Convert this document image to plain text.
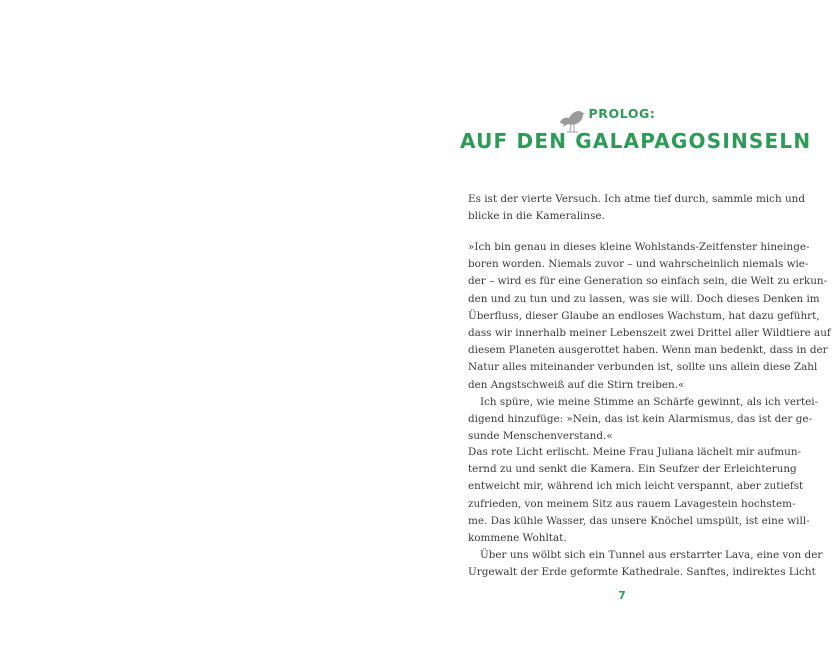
PROLOG:
AUF DEN GALAPAGOSINSELN
Es ist der vierte Versuch. Ich atme tief durch, sammle mich und
blicke in die Kameralinse.
»Ich bin genau in dieses kleine Wohlstands-Zeitfenster hineinge-
boren worden. Niemals zuvor – und wahrscheinlich niemals wie-
der – wird es für eine Generation so einfach sein, die Welt zu erkun-
den und zu tun und zu lassen, was sie will. Doch dieses Denken im
Überfluss, dieser Glaube an endloses Wachstum, hat dazu geführt,
dass wir innerhalb meiner Lebenszeit zwei Drittel aller Wildtiere auf
diesem Planeten ausgerottet haben. Wenn man bedenkt, dass in der
Natur alles miteinander verbunden ist, sollte uns allein diese Zahl
den Angstschweiß auf die Stirn treiben.«
Ich spüre, wie meine Stimme an Schärfe gewinnt, als ich vertei-
digend hinzufüge: »Nein, das ist kein Alarmismus, das ist der ge-
sunde Menschenverstand.«
Das rote Licht erlischt. Meine Frau Juliana lächelt mir aufmun-
ternd zu und senkt die Kamera. Ein Seufzer der Erleichterung
entweicht mir, während ich mich leicht verspannt, aber zutiefst
zufrieden, von meinem Sitz aus rauem Lavagestein hochstem-
me. Das kühle Wasser, das unsere Knöchel umspült, ist eine will-
kommene Wohltat.
Über uns wölbt sich ein Tunnel aus erstarrter Lava, eine von der
Urgewalt der Erde geformte Kathedrale. Sanftes, indirektes Licht
7
